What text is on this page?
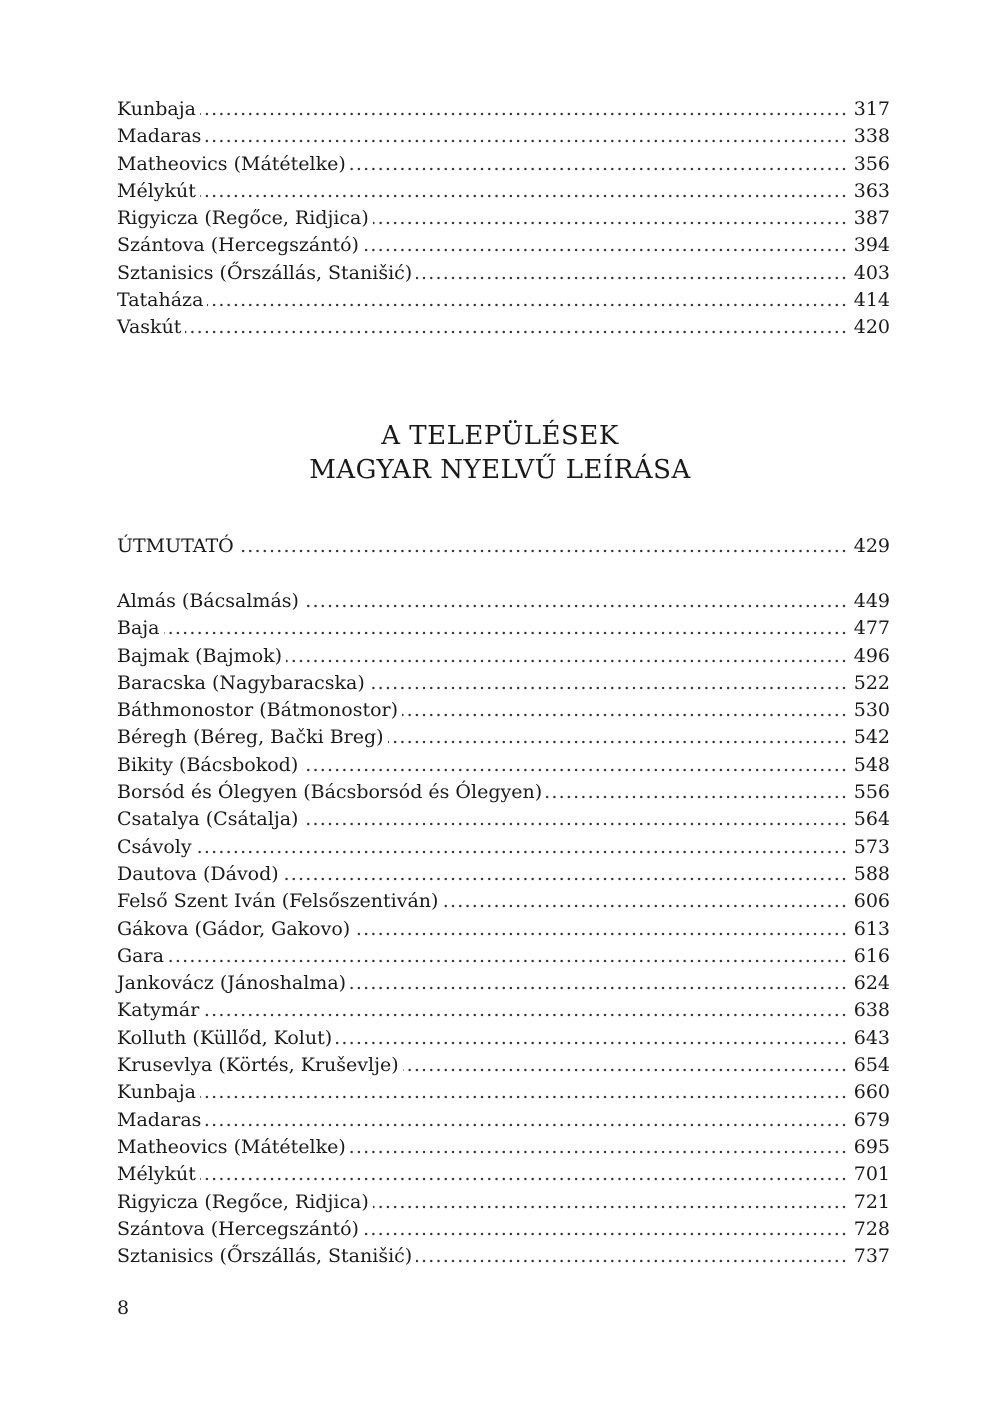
.....
Kunbaja	317
.....
Madaras	338
.....
Matheovics (Mátételke)	356
.....
Mélykút	363
.....
Rigyicza (Regőce, Ridjica)	387
.....
Szántova (Hercegszántó)	394
.....
Sztanisics (Őrszállás, Stanišić)	403
.....
Tataháza	414
.....
Vaskút	420
A TELEPÜLÉSEK
MAGYAR NYELVŰ LEÍRÁSA
.....
ÚTMUTATÓ	429
.....
Almás (Bácsalmás)	449
.....
Baja	477
.....
Bajmak (Bajmok)	496
.....
Baracska (Nagybaracska)	522
.....
Báthmonostor (Bátmonostor)	530
.....
Béregh (Béreg, Bački Breg)	542
.....
Bikity (Bácsbokod)	548
.....
Borsód és Ólegyen (Bácsborsód és Ólegyen)	556
.....
Csatalya (Csátalja)	564
.....
Csávoly	573
.....
Dautova (Dávod)	588
.....
Felső Szent Iván (Felsőszentiván)	606
.....
Gákova (Gádor, Gakovo)	613
.....
Gara	616
.....
Jankovácz (Jánoshalma)	624
.....
Katymár	638
.....
Kolluth (Küllőd, Kolut)	643
.....
Krusevlya (Körtés, Kruševlje)	654
.....
Kunbaja	660
.....
Madaras	679
.....
Matheovics (Mátételke)	695
.....
Mélykút	701
.....
Rigyicza (Regőce, Ridjica)	721
.....
Szántova (Hercegszántó)	728
.....
Sztanisics (Őrszállás, Stanišić)	737
8
